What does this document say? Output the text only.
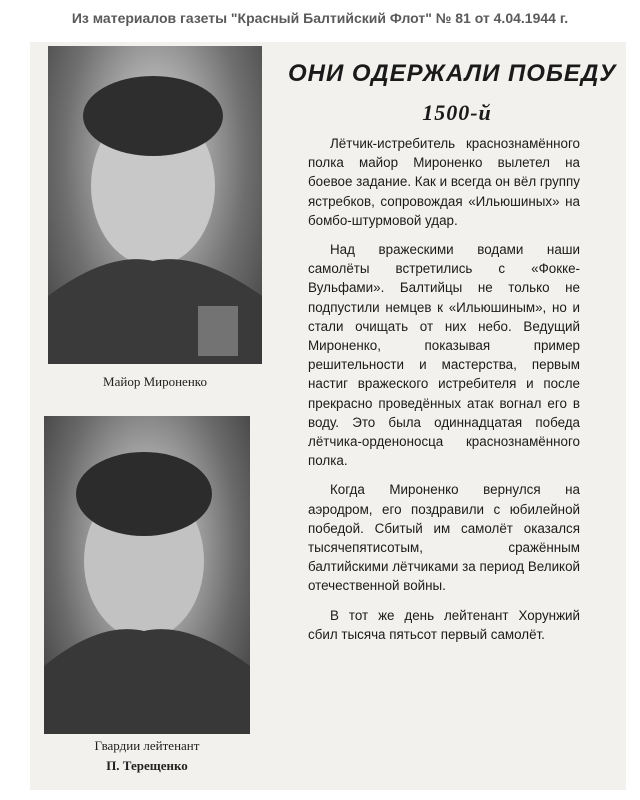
Из материалов газеты "Красный Балтийский Флот" № 81 от 4.04.1944 г.
Майор Мироненко
Гвардии лейтенант
П. Терещенко
ОНИ ОДЕРЖАЛИ ПОБЕДУ
1500-й

Лётчик-истребитель краснознамённого полка майор Мироненко вылетел на боевое задание. Как и всегда он вёл группу ястребков, сопровождая «Ильюшиных» на бомбо-штурмовой удар.

Над вражескими водами наши самолёты встретились с «Фокке-Вульфами». Балтийцы не только не подпустили немцев к «Ильюшиным», но и стали очищать от них небо. Ведущий Мироненко, показывая пример решительности и мастерства, первым настиг вражеского истребителя и после прекрасно проведённых атак вогнал его в воду. Это была одиннадцатая победа лётчика-орденоносца краснознамённого полка.

Когда Мироненко вернулся на аэродром, его поздравили с юбилейной победой. Сбитый им самолёт оказался тысячепятисотым, сражённым балтийскими лётчиками за период Великой отечественной войны.

В тот же день лейтенант Хорунжий сбил тысяча пятьсот первый самолёт.
